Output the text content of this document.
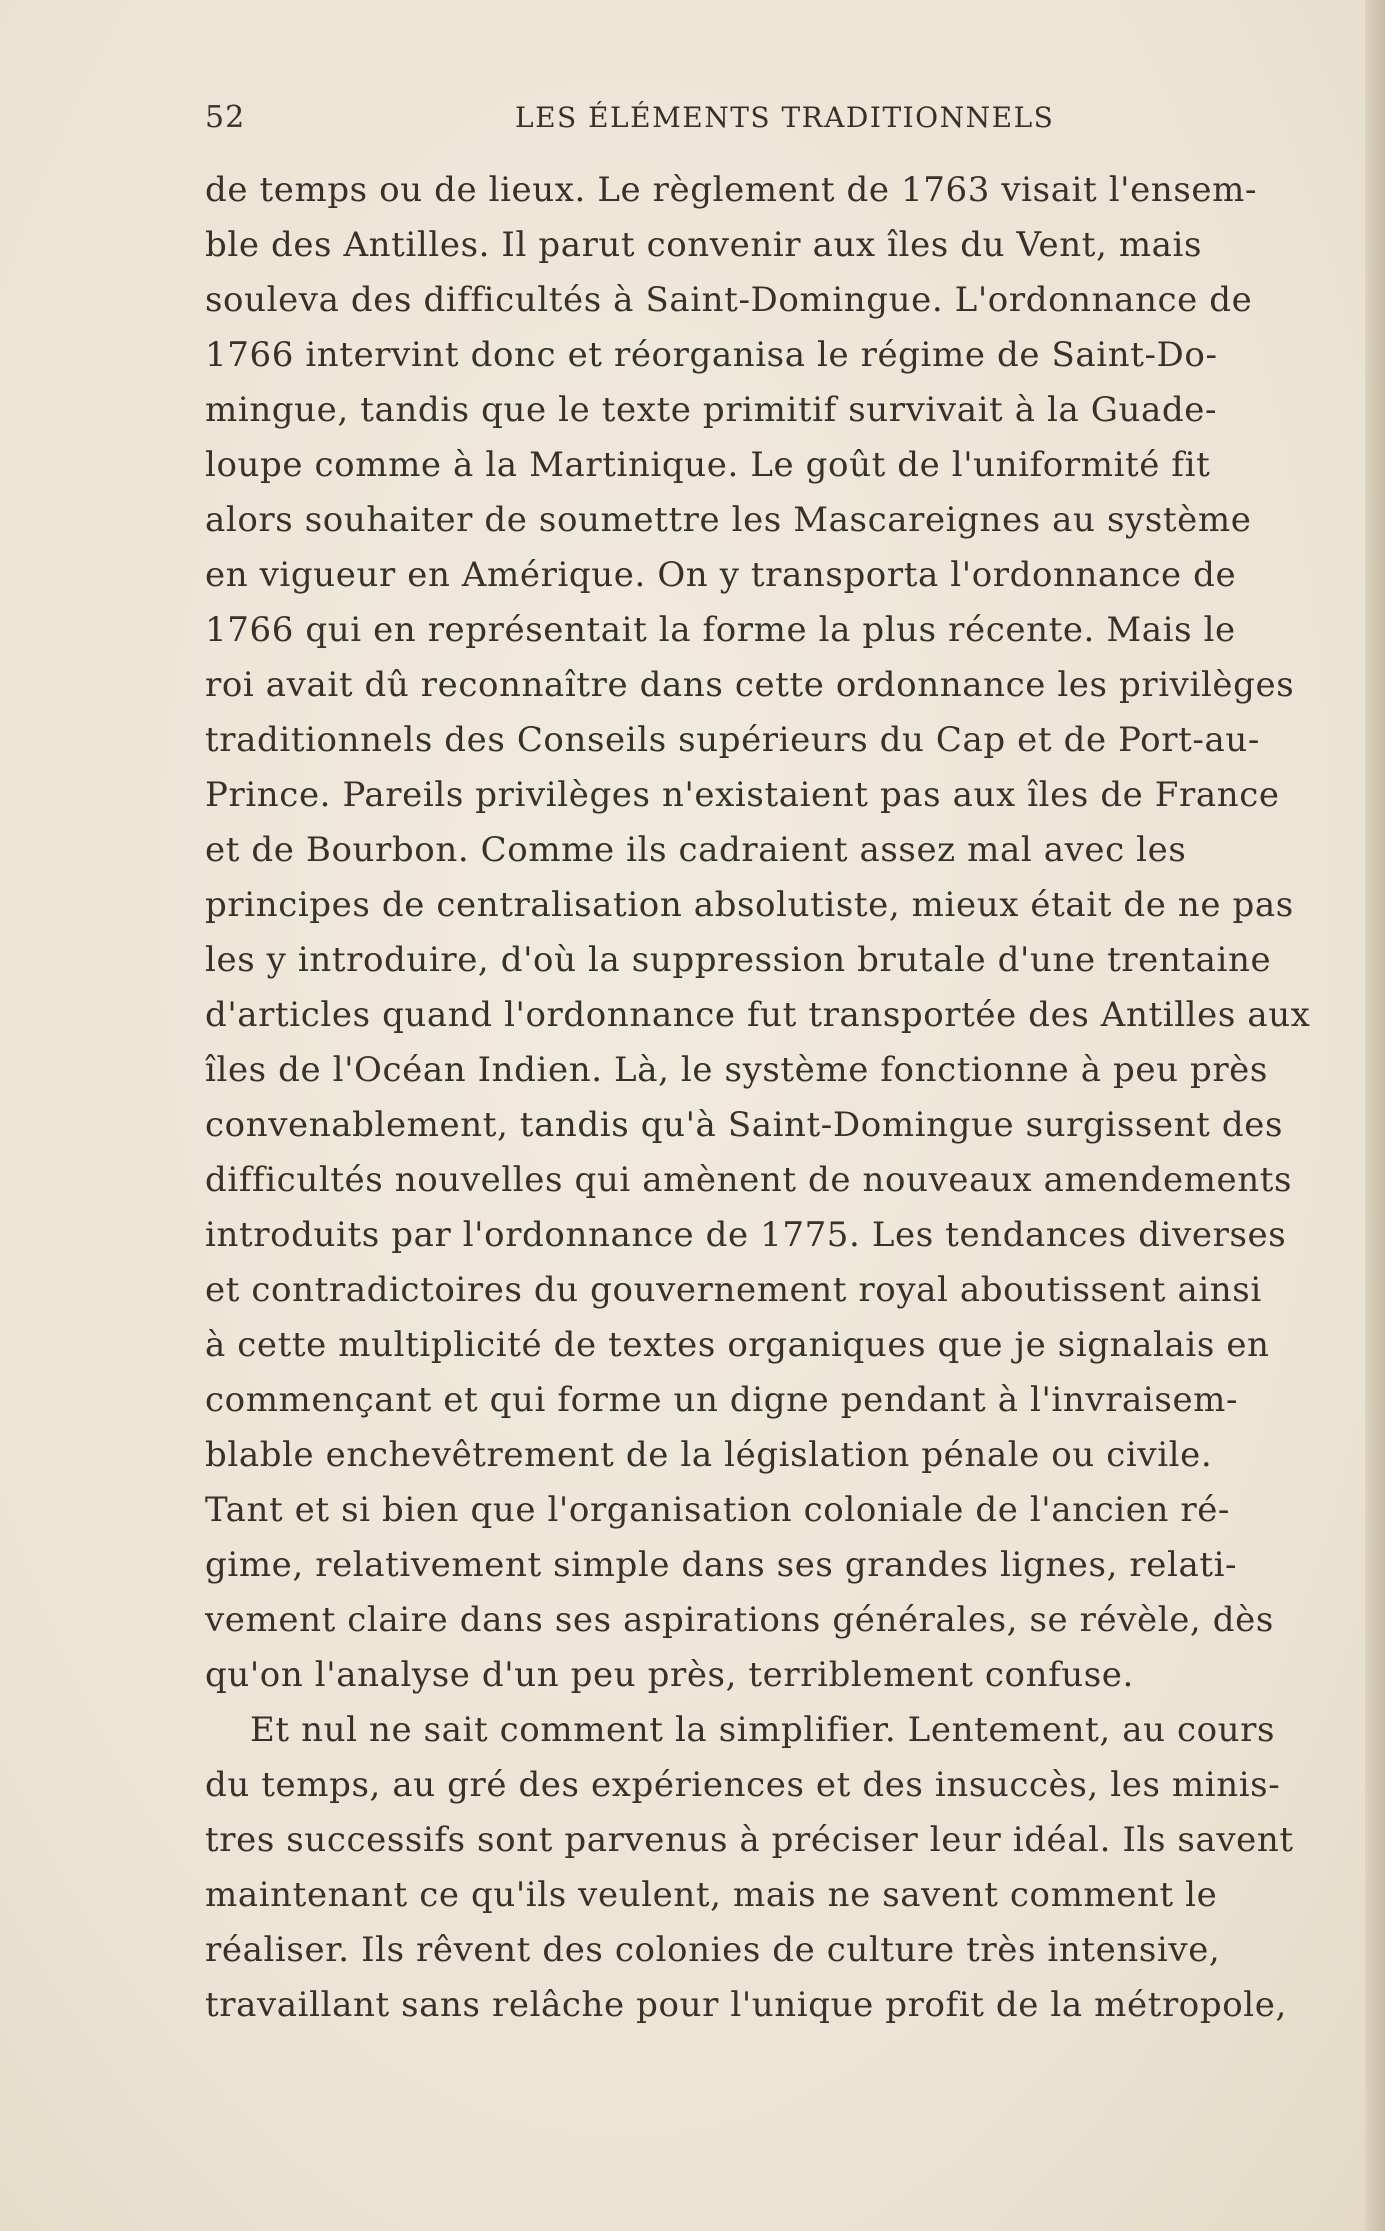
52	LES ÉLÉMENTS TRADITIONNELS
de temps ou de lieux. Le règlement de 1763 visait l'ensem-
ble des Antilles. Il parut convenir aux îles du Vent, mais
souleva des difficultés à Saint-Domingue. L'ordonnance de
1766 intervint donc et réorganisa le régime de Saint-Do-
mingue, tandis que le texte primitif survivait à la Guade-
loupe comme à la Martinique. Le goût de l'uniformité fit
alors souhaiter de soumettre les Mascareignes au système
en vigueur en Amérique. On y transporta l'ordonnance de
1766 qui en représentait la forme la plus récente. Mais le
roi avait dû reconnaître dans cette ordonnance les privilèges
traditionnels des Conseils supérieurs du Cap et de Port-au-
Prince. Pareils privilèges n'existaient pas aux îles de France
et de Bourbon. Comme ils cadraient assez mal avec les
principes de centralisation absolutiste, mieux était de ne pas
les y introduire, d'où la suppression brutale d'une trentaine
d'articles quand l'ordonnance fut transportée des Antilles aux
îles de l'Océan Indien. Là, le système fonctionne à peu près
convenablement, tandis qu'à Saint-Domingue surgissent des
difficultés nouvelles qui amènent de nouveaux amendements
introduits par l'ordonnance de 1775. Les tendances diverses
et contradictoires du gouvernement royal aboutissent ainsi
à cette multiplicité de textes organiques que je signalais en
commençant et qui forme un digne pendant à l'invraisem-
blable enchevêtrement de la législation pénale ou civile.
Tant et si bien que l'organisation coloniale de l'ancien ré-
gime, relativement simple dans ses grandes lignes, relati-
vement claire dans ses aspirations générales, se révèle, dès
qu'on l'analyse d'un peu près, terriblement confuse.
Et nul ne sait comment la simplifier. Lentement, au cours
du temps, au gré des expériences et des insuccès, les minis-
tres successifs sont parvenus à préciser leur idéal. Ils savent
maintenant ce qu'ils veulent, mais ne savent comment le
réaliser. Ils rêvent des colonies de culture très intensive,
travaillant sans relâche pour l'unique profit de la métropole,
